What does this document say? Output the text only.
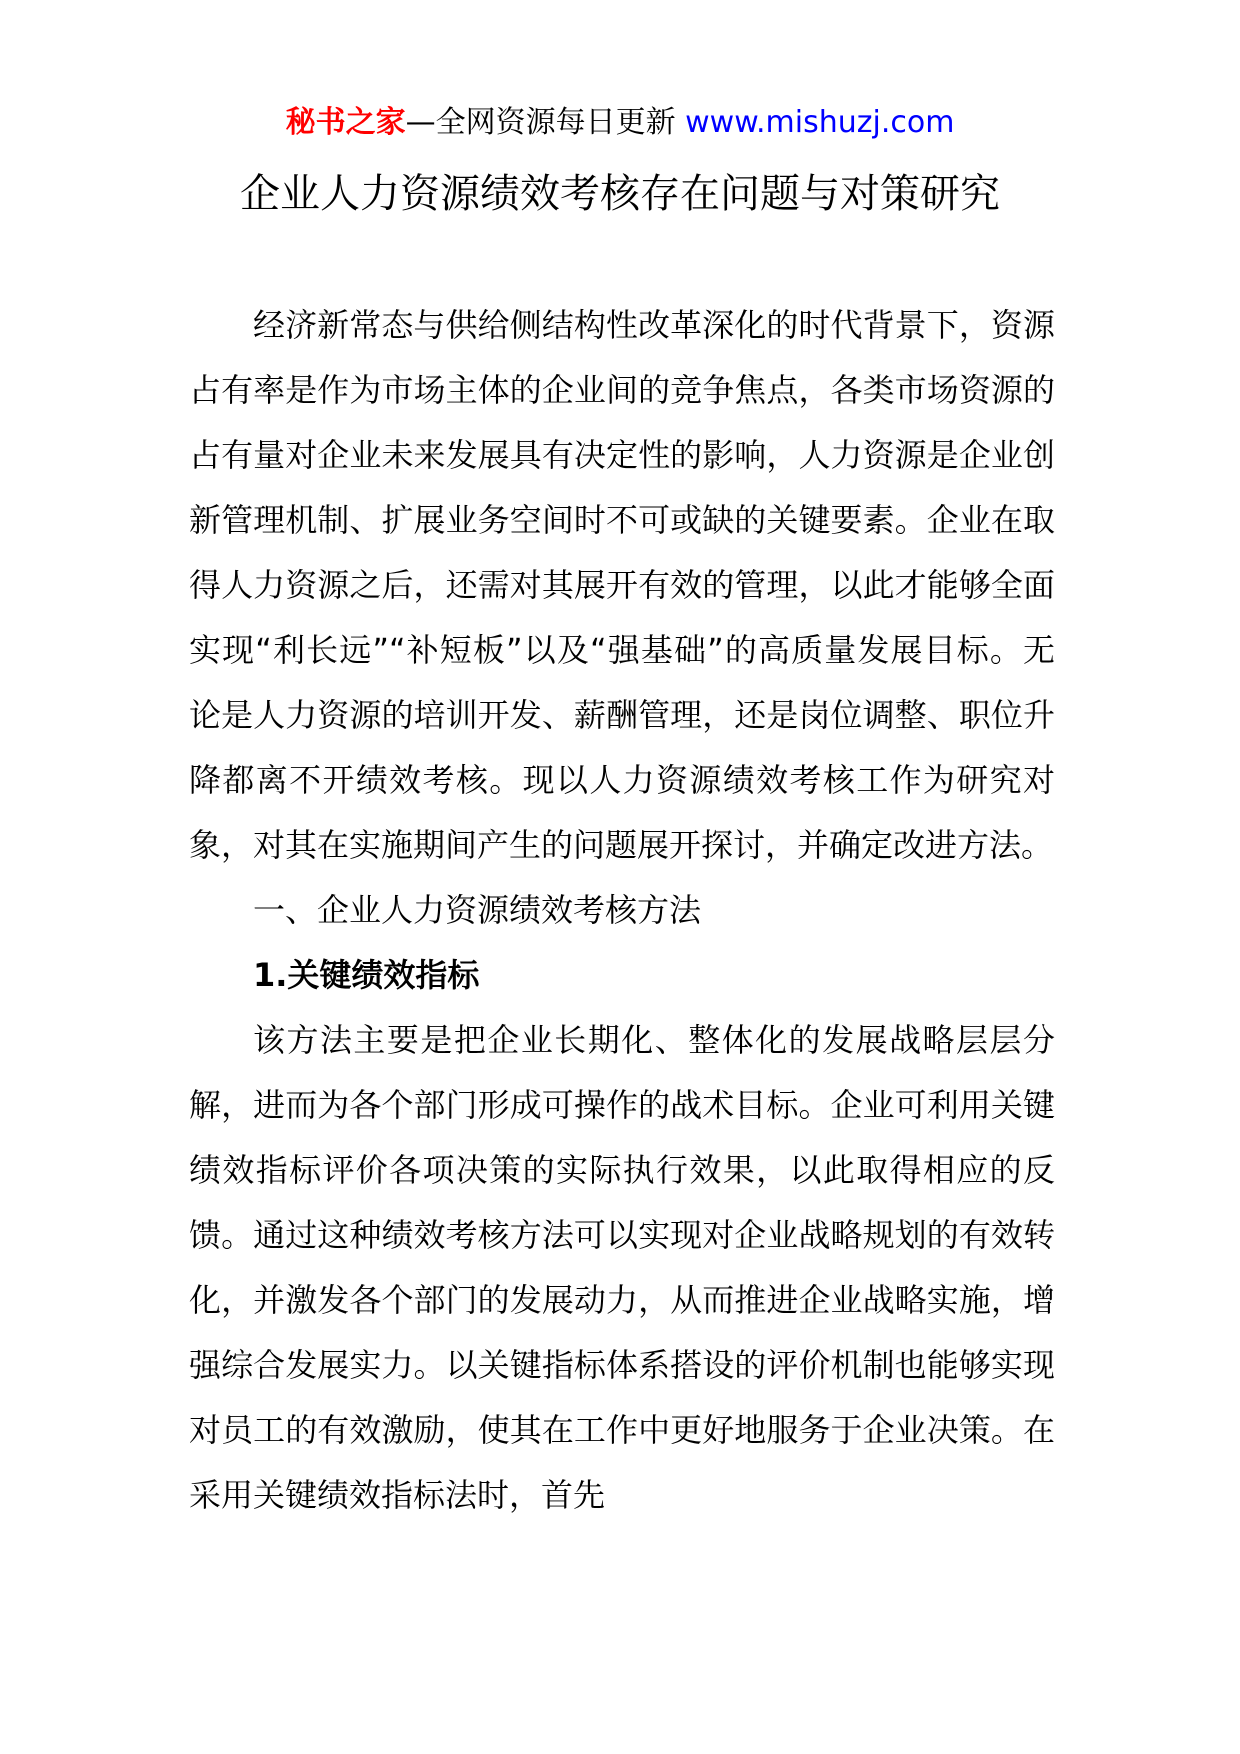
秘书之家—全网资源每日更新 www.mishuzj.com
企业人力资源绩效考核存在问题与对策研究

经济新常态与供给侧结构性改革深化的时代背景下，资源占有率是作为市场主体的企业间的竞争焦点，各类市场资源的占有量对企业未来发展具有决定性的影响，人力资源是企业创新管理机制、扩展业务空间时不可或缺的关键要素。企业在取得人力资源之后，还需对其展开有效的管理，以此才能够全面实现“利长远”“补短板”以及“强基础”的高质量发展目标。无论是人力资源的培训开发、薪酬管理，还是岗位调整、职位升降都离不开绩效考核。现以人力资源绩效考核工作为研究对象，对其在实施期间产生的问题展开探讨，并确定改进方法。

一、企业人力资源绩效考核方法

1.关键绩效指标

该方法主要是把企业长期化、整体化的发展战略层层分解，进而为各个部门形成可操作的战术目标。企业可利用关键绩效指标评价各项决策的实际执行效果，以此取得相应的反馈。通过这种绩效考核方法可以实现对企业战略规划的有效转化，并激发各个部门的发展动力，从而推进企业战略实施，增强综合发展实力。以关键指标体系搭设的评价机制也能够实现对员工的有效激励，使其在工作中更好地服务于企业决策。在采用关键绩效指标法时，首先
